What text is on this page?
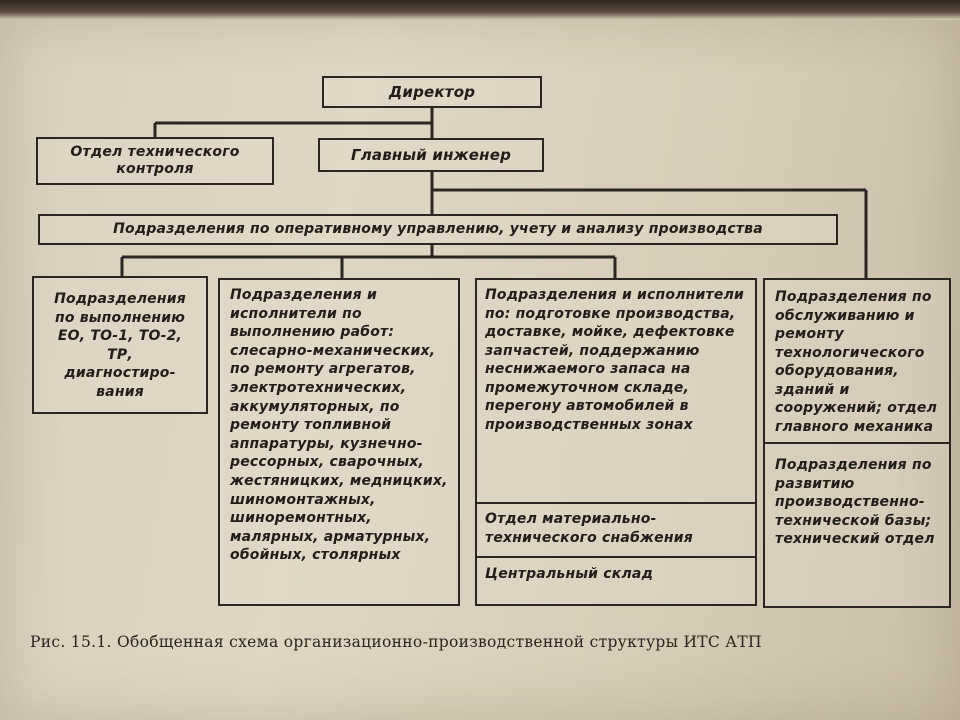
Директор
Отдел технического контроля
Главный инженер
Подразделения по оперативному управлению, учету и анализу производства
Подразделения по выполнению ЕО, ТО-1, ТО-2, ТР, диагностиро-вания
Подразделения и исполнители по выполнению работ: слесарно-механических, по ремонту агрегатов, электротехнических, аккумуляторных, по ремонту топливной аппаратуры, кузнечно-рессорных, сварочных, жестяницких, медницких, шиномонтажных, шиноремонтных, малярных, арматурных, обойных, столярных
Подразделения и исполнители по: подготовке производства, доставке, мойке, дефектовке запчастей, поддержанию неснижаемого запаса на промежуточном складе, перегону автомобилей в производственных зонах
Отдел материально-технического снабжения
Центральный склад
Подразделения по обслуживанию и ремонту технологического оборудования, зданий и сооружений; отдел главного механика
Подразделения по развитию производственно-технической базы; технический отдел
Рис. 15.1. Обобщенная схема организационно-производственной структуры ИТС АТП
